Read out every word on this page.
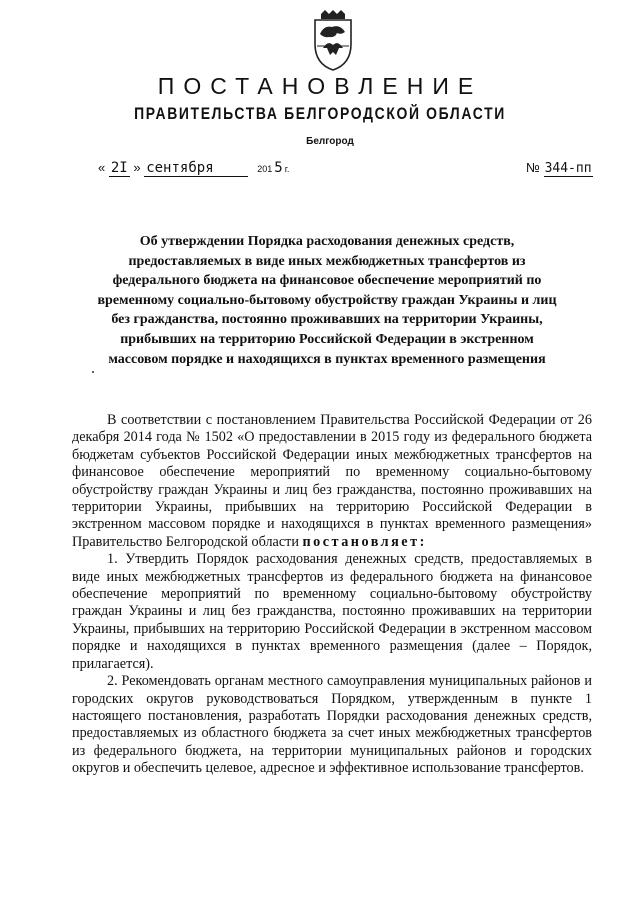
ПОСТАНОВЛЕНИЕ
ПРАВИТЕЛЬСТВА БЕЛГОРОДСКОЙ ОБЛАСТИ
Белгород
« 2I » сентября	201 5 г.	№ 344-пп
Об утверждении Порядка расходования денежных средств, предоставляемых в виде иных межбюджетных трансфертов из федерального бюджета на финансовое обеспечение мероприятий по временному социально-бытовому обустройству граждан Украины и лиц без гражданства, постоянно проживавших на территории Украины, прибывших на территорию Российской Федерации в экстренном массовом порядке и находящихся в пунктах временного размещения

В соответствии с постановлением Правительства Российской Федерации от 26 декабря 2014 года № 1502 «О предоставлении в 2015 году из федерального бюджета бюджетам субъектов Российской Федерации иных межбюджетных трансфертов на финансовое обеспечение мероприятий по временному социально-бытовому обустройству граждан Украины и лиц без гражданства, постоянно проживавших на территории Украины, прибывших на территорию Российской Федерации в экстренном массовом порядке и находящихся в пунктах временного размещения» Правительство Белгородской области постановляет:

1. Утвердить Порядок расходования денежных средств, предоставляемых в виде иных межбюджетных трансфертов из федерального бюджета на финансовое обеспечение мероприятий по временному социально-бытовому обустройству граждан Украины и лиц без гражданства, постоянно проживавших на территории Украины, прибывших на территорию Российской Федерации в экстренном массовом порядке и находящихся в пунктах временного размещения (далее – Порядок, прилагается).

2. Рекомендовать органам местного самоуправления муниципальных районов и городских округов руководствоваться Порядком, утвержденным в пункте 1 настоящего постановления, разработать Порядки расходования денежных средств, предоставляемых из областного бюджета за счет иных межбюджетных трансфертов из федерального бюджета, на территории муниципальных районов и городских округов и обеспечить целевое, адресное и эффективное использование трансфертов.
